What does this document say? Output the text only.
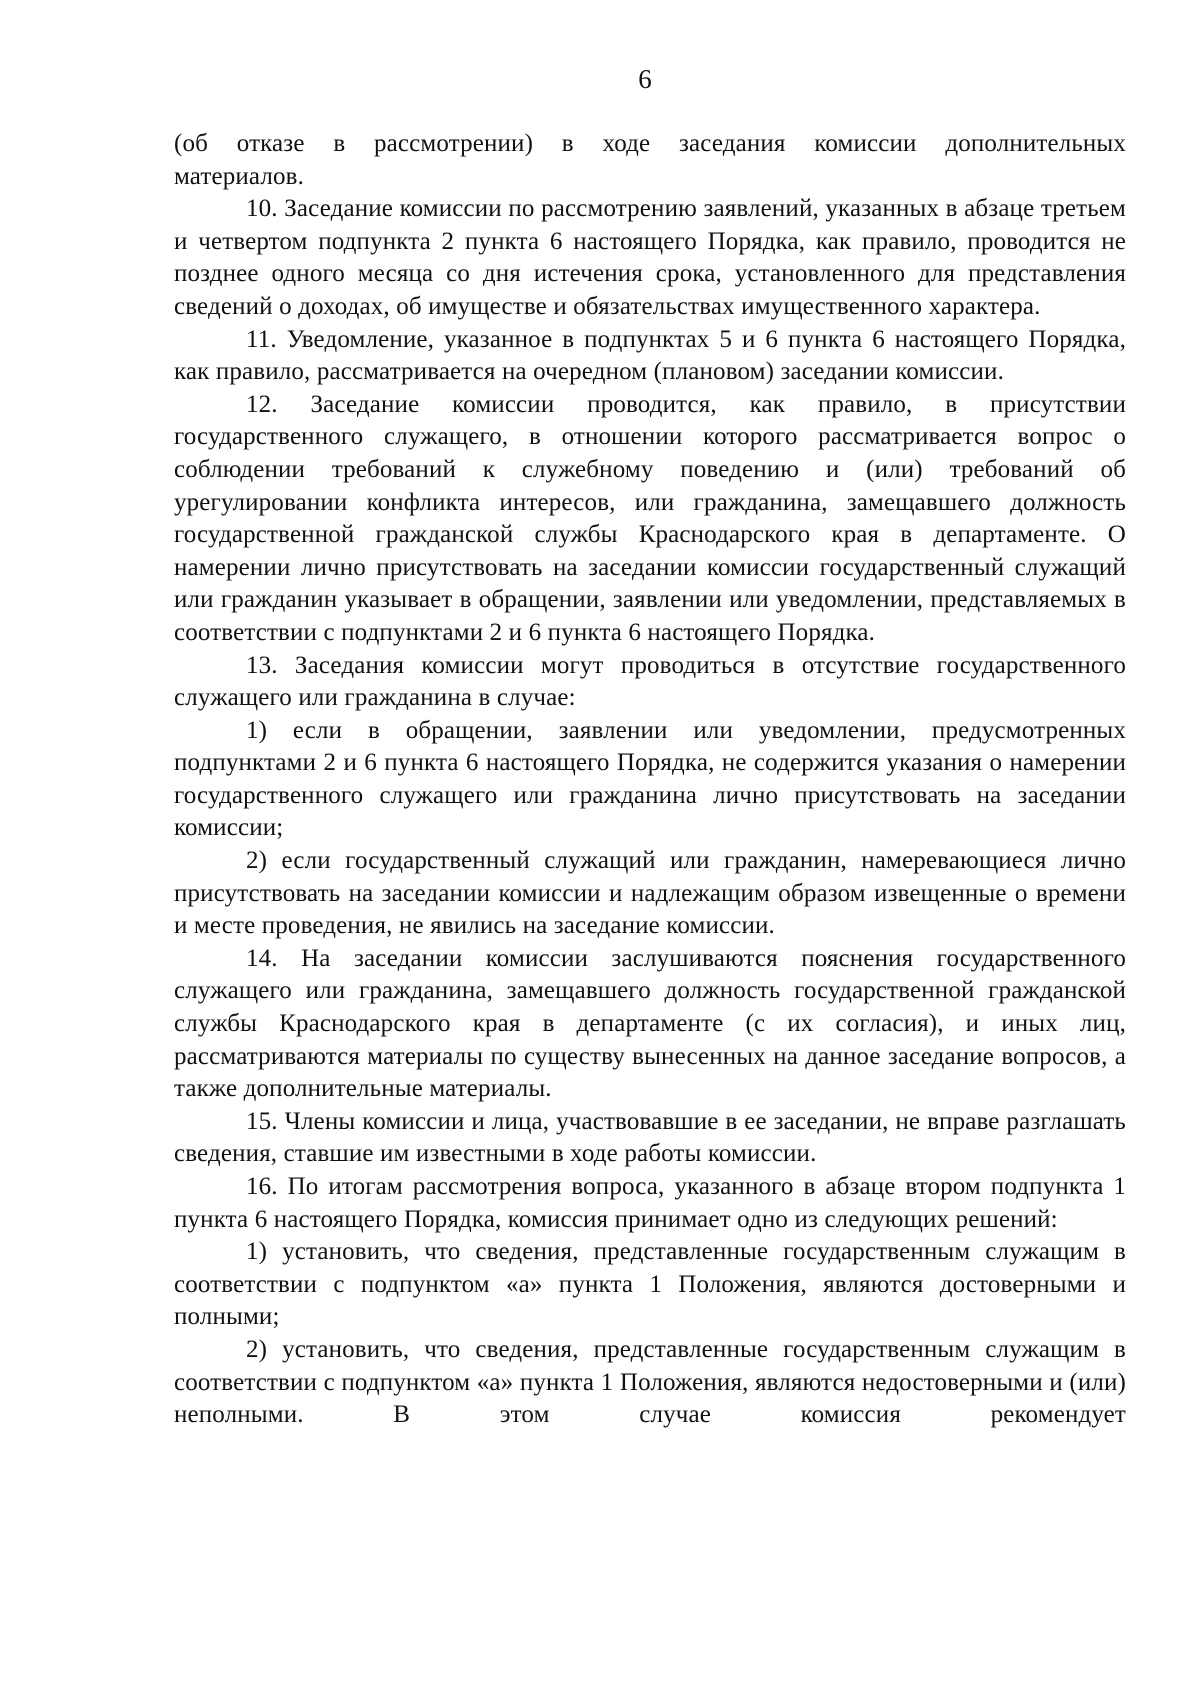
6

(об отказе в рассмотрении) в ходе заседания комиссии дополнительных

материалов.

10. Заседание комиссии по рассмотрению заявлений, указанных в абзаце третьем и четвертом подпункта 2 пункта 6 настоящего Порядка, как правило, проводится не позднее одного месяца со дня истечения срока, установленного для представления сведений о доходах, об имуществе и обязательствах имущественного характера.

11. Уведомление, указанное в подпунктах 5 и 6 пункта 6 настоящего Порядка, как правило, рассматривается на очередном (плановом) заседании комиссии.

12. Заседание комиссии проводится, как правило, в присутствии государственного служащего, в отношении которого рассматривается вопрос о соблюдении требований к служебному поведению и (или) требований об урегулировании конфликта интересов, или гражданина, замещавшего должность государственной гражданской службы Краснодарского края в департаменте. О намерении лично присутствовать на заседании комиссии государственный служащий или гражданин указывает в обращении, заявлении или уведомлении, представляемых в соответствии с подпунктами 2 и 6 пункта 6 настоящего Порядка.

13. Заседания комиссии могут проводиться в отсутствие государственного служащего или гражданина в случае:

1) если в обращении, заявлении или уведомлении, предусмотренных подпунктами 2 и 6 пункта 6 настоящего Порядка, не содержится указания о намерении государственного служащего или гражданина лично присутствовать на заседании комиссии;

2) если государственный служащий или гражданин, намеревающиеся лично присутствовать на заседании комиссии и надлежащим образом извещенные о времени и месте проведения, не явились на заседание комиссии.

14. На заседании комиссии заслушиваются пояснения государственного служащего или гражданина, замещавшего должность государственной гражданской службы Краснодарского края в департаменте (с их согласия), и иных лиц, рассматриваются материалы по существу вынесенных на данное заседание вопросов, а также дополнительные материалы.

15. Члены комиссии и лица, участвовавшие в ее заседании, не вправе разглашать сведения, ставшие им известными в ходе работы комиссии.

16. По итогам рассмотрения вопроса, указанного в абзаце втором подпункта 1 пункта 6 настоящего Порядка, комиссия принимает одно из следующих решений:

1) установить, что сведения, представленные государственным служащим в соответствии с подпунктом «а» пункта 1 Положения, являются достоверными и полными;

2) установить, что сведения, представленные государственным служащим в соответствии с подпунктом «а» пункта 1 Положения, являются недостоверными и (или) неполными. В этом случае комиссия рекомендует
